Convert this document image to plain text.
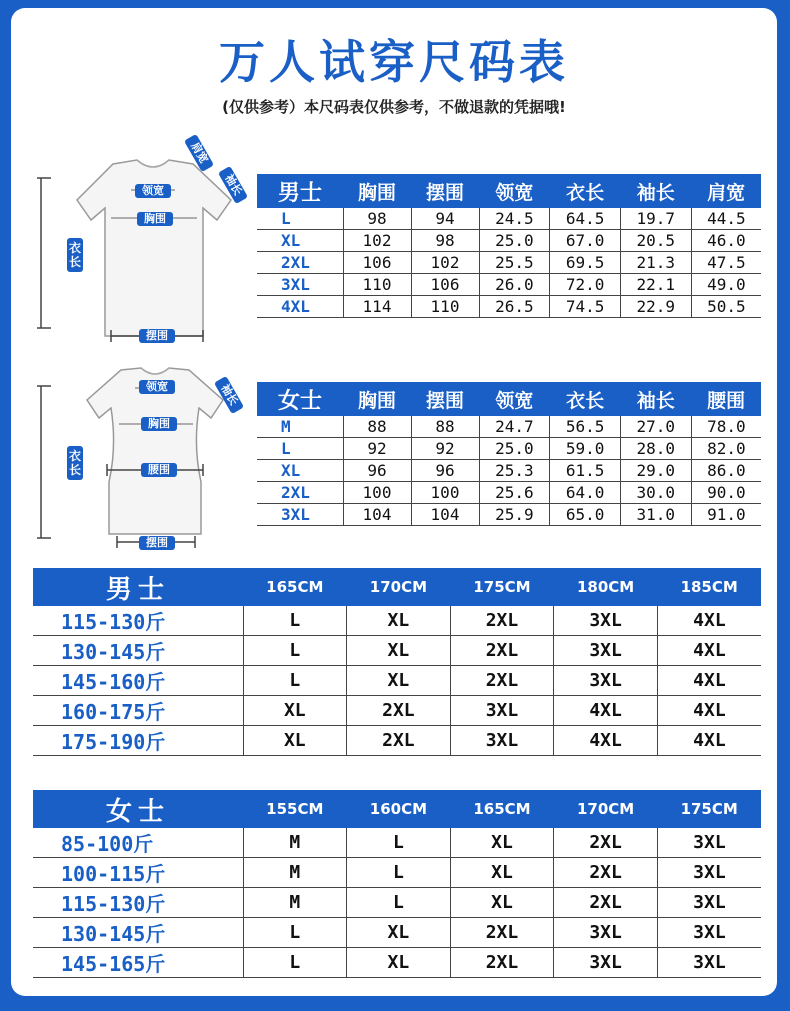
万人试穿尺码表
(仅供参考）本尺码表仅供参考，不做退款的凭据哦!
领宽
胸围
衣长
摆围
肩宽
袖长 男士	胸围	摆围	领宽	衣长	袖长	肩宽
L	98	94	24.5	64.5	19.7	44.5
XL	102	98	25.0	67.0	20.5	46.0
2XL	106	102	25.5	69.5	21.3	47.5
3XL	110	106	26.0	72.0	22.1	49.0
4XL	114	110	26.5	74.5	22.9	50.5
领宽
胸围
腰围
衣长
摆围
袖长 女士	胸围	摆围	领宽	衣长	袖长	腰围
M	88	88	24.7	56.5	27.0	78.0
L	92	92	25.0	59.0	28.0	82.0
XL	96	96	25.3	61.5	29.0	86.0
2XL	100	100	25.6	64.0	30.0	90.0
3XL	104	104	25.9	65.0	31.0	91.0
男士	165CM	170CM	175CM	180CM	185CM
115-130斤	L	XL	2XL	3XL	4XL
130-145斤	L	XL	2XL	3XL	4XL
145-160斤	L	XL	2XL	3XL	4XL
160-175斤	XL	2XL	3XL	4XL	4XL
175-190斤	XL	2XL	3XL	4XL	4XL
女士	155CM	160CM	165CM	170CM	175CM
85-100斤	M	L	XL	2XL	3XL
100-115斤	M	L	XL	2XL	3XL
115-130斤	M	L	XL	2XL	3XL
130-145斤	L	XL	2XL	3XL	3XL
145-165斤	L	XL	2XL	3XL	3XL
